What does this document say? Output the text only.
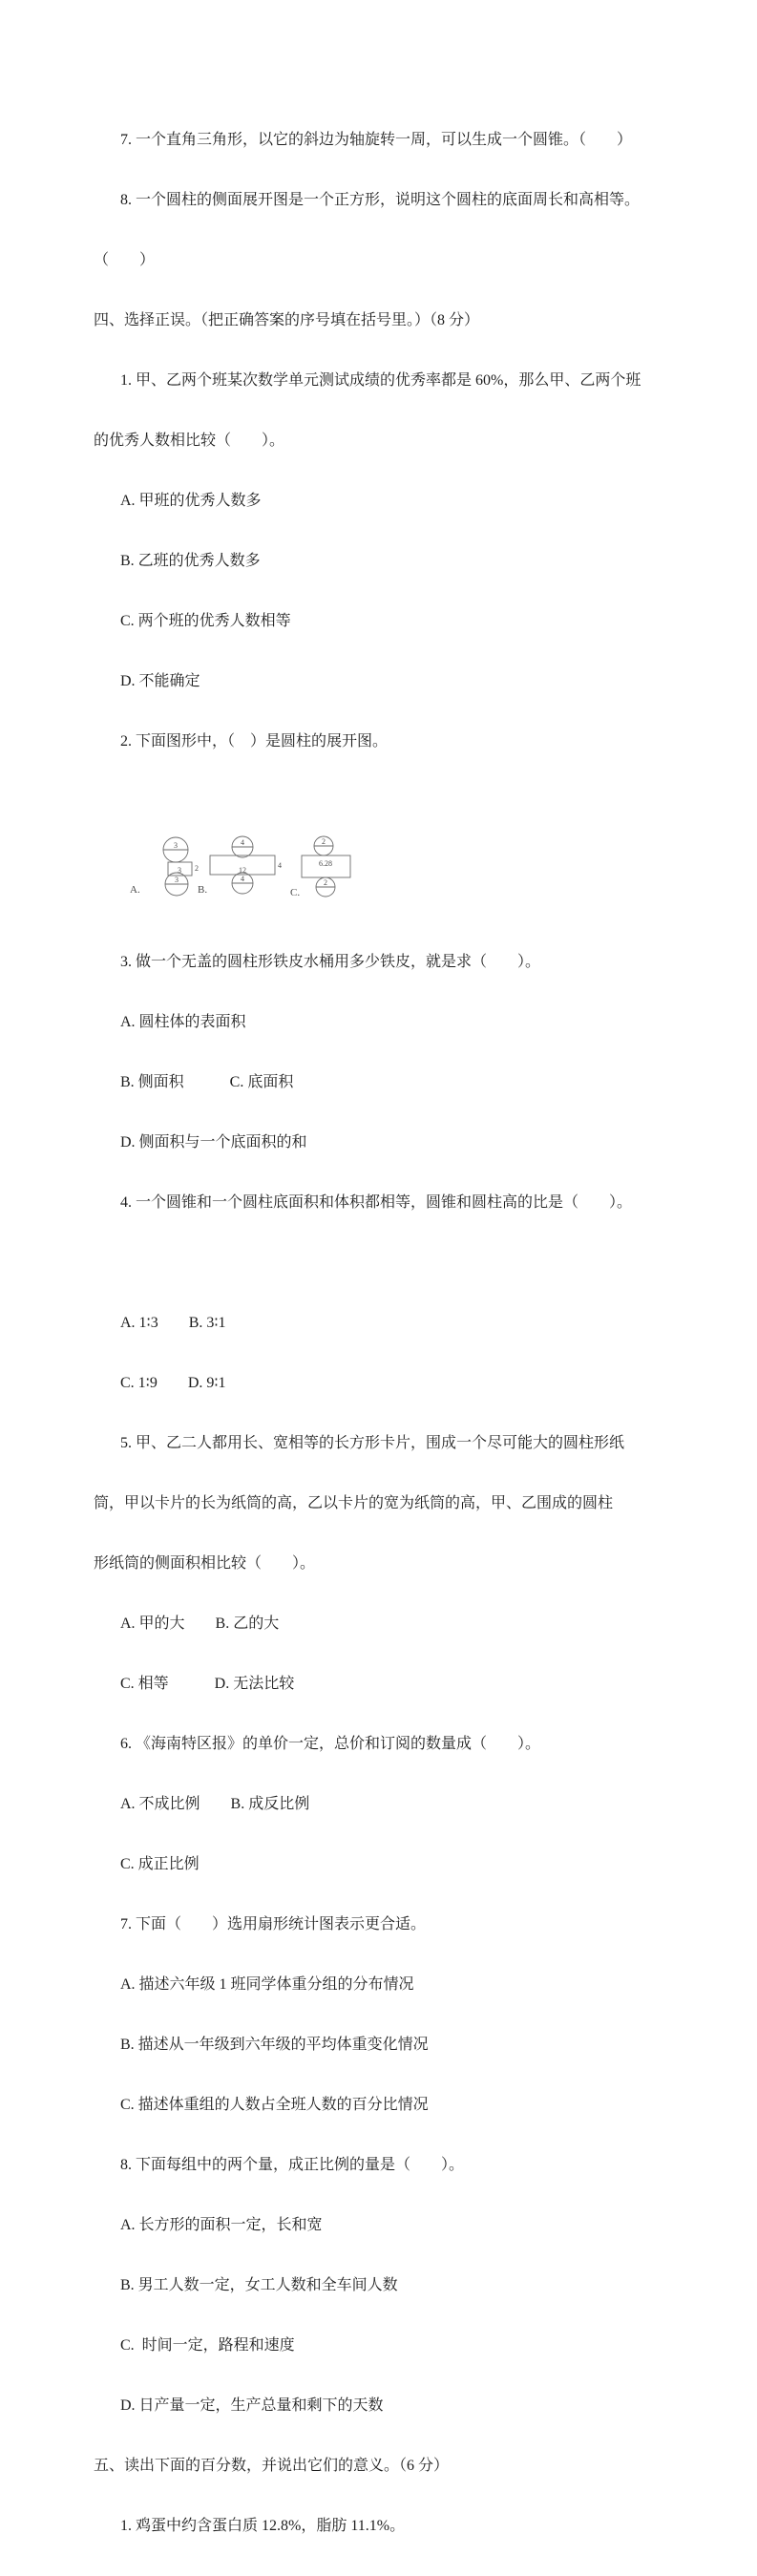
7. 一个直角三角形，以它的斜边为轴旋转一周，可以生成一个圆锥。（　　）

8. 一个圆柱的侧面展开图是一个正方形，说明这个圆柱的底面周长和高相等。

（　　）

四、选择正误。（把正确答案的序号填在括号里。）（8 分）

1. 甲、乙两个班某次数学单元测试成绩的优秀率都是 60%，那么甲、乙两个班

的优秀人数相比较（　　）。

A. 甲班的优秀人数多

B. 乙班的优秀人数多

C. 两个班的优秀人数相等

D. 不能确定

2. 下面图形中，（　）是圆柱的展开图。

3
3 2
3
A.
4
12
4
4
B.
2
6.28
2
C.

3. 做一个无盖的圆柱形铁皮水桶用多少铁皮，就是求（　　）。

A. 圆柱体的表面积

B. 侧面积　　　C. 底面积

D. 侧面积与一个底面积的和

4. 一个圆锥和一个圆柱底面积和体积都相等，圆锥和圆柱高的比是（　　）。

A. 1∶3　　B. 3∶1

C. 1∶9　　D. 9∶1

5. 甲、乙二人都用长、宽相等的长方形卡片，围成一个尽可能大的圆柱形纸

筒，甲以卡片的长为纸筒的高，乙以卡片的宽为纸筒的高，甲、乙围成的圆柱

形纸筒的侧面积相比较（　　）。

A. 甲的大　　B. 乙的大

C. 相等　　　D. 无法比较

6. 《海南特区报》的单价一定，总价和订阅的数量成（　　）。

A. 不成比例　　B. 成反比例

C. 成正比例

7. 下面（　　）选用扇形统计图表示更合适。

A. 描述六年级 1 班同学体重分组的分布情况

B. 描述从一年级到六年级的平均体重变化情况

C. 描述体重组的人数占全班人数的百分比情况

8. 下面每组中的两个量，成正比例的量是（　　）。

A. 长方形的面积一定，长和宽

B. 男工人数一定，女工人数和全车间人数

C.  时间一定，路程和速度

D. 日产量一定，生产总量和剩下的天数

五、读出下面的百分数，并说出它们的意义。（6 分）

1. 鸡蛋中约含蛋白质 12.8%，脂肪 11.1%。
